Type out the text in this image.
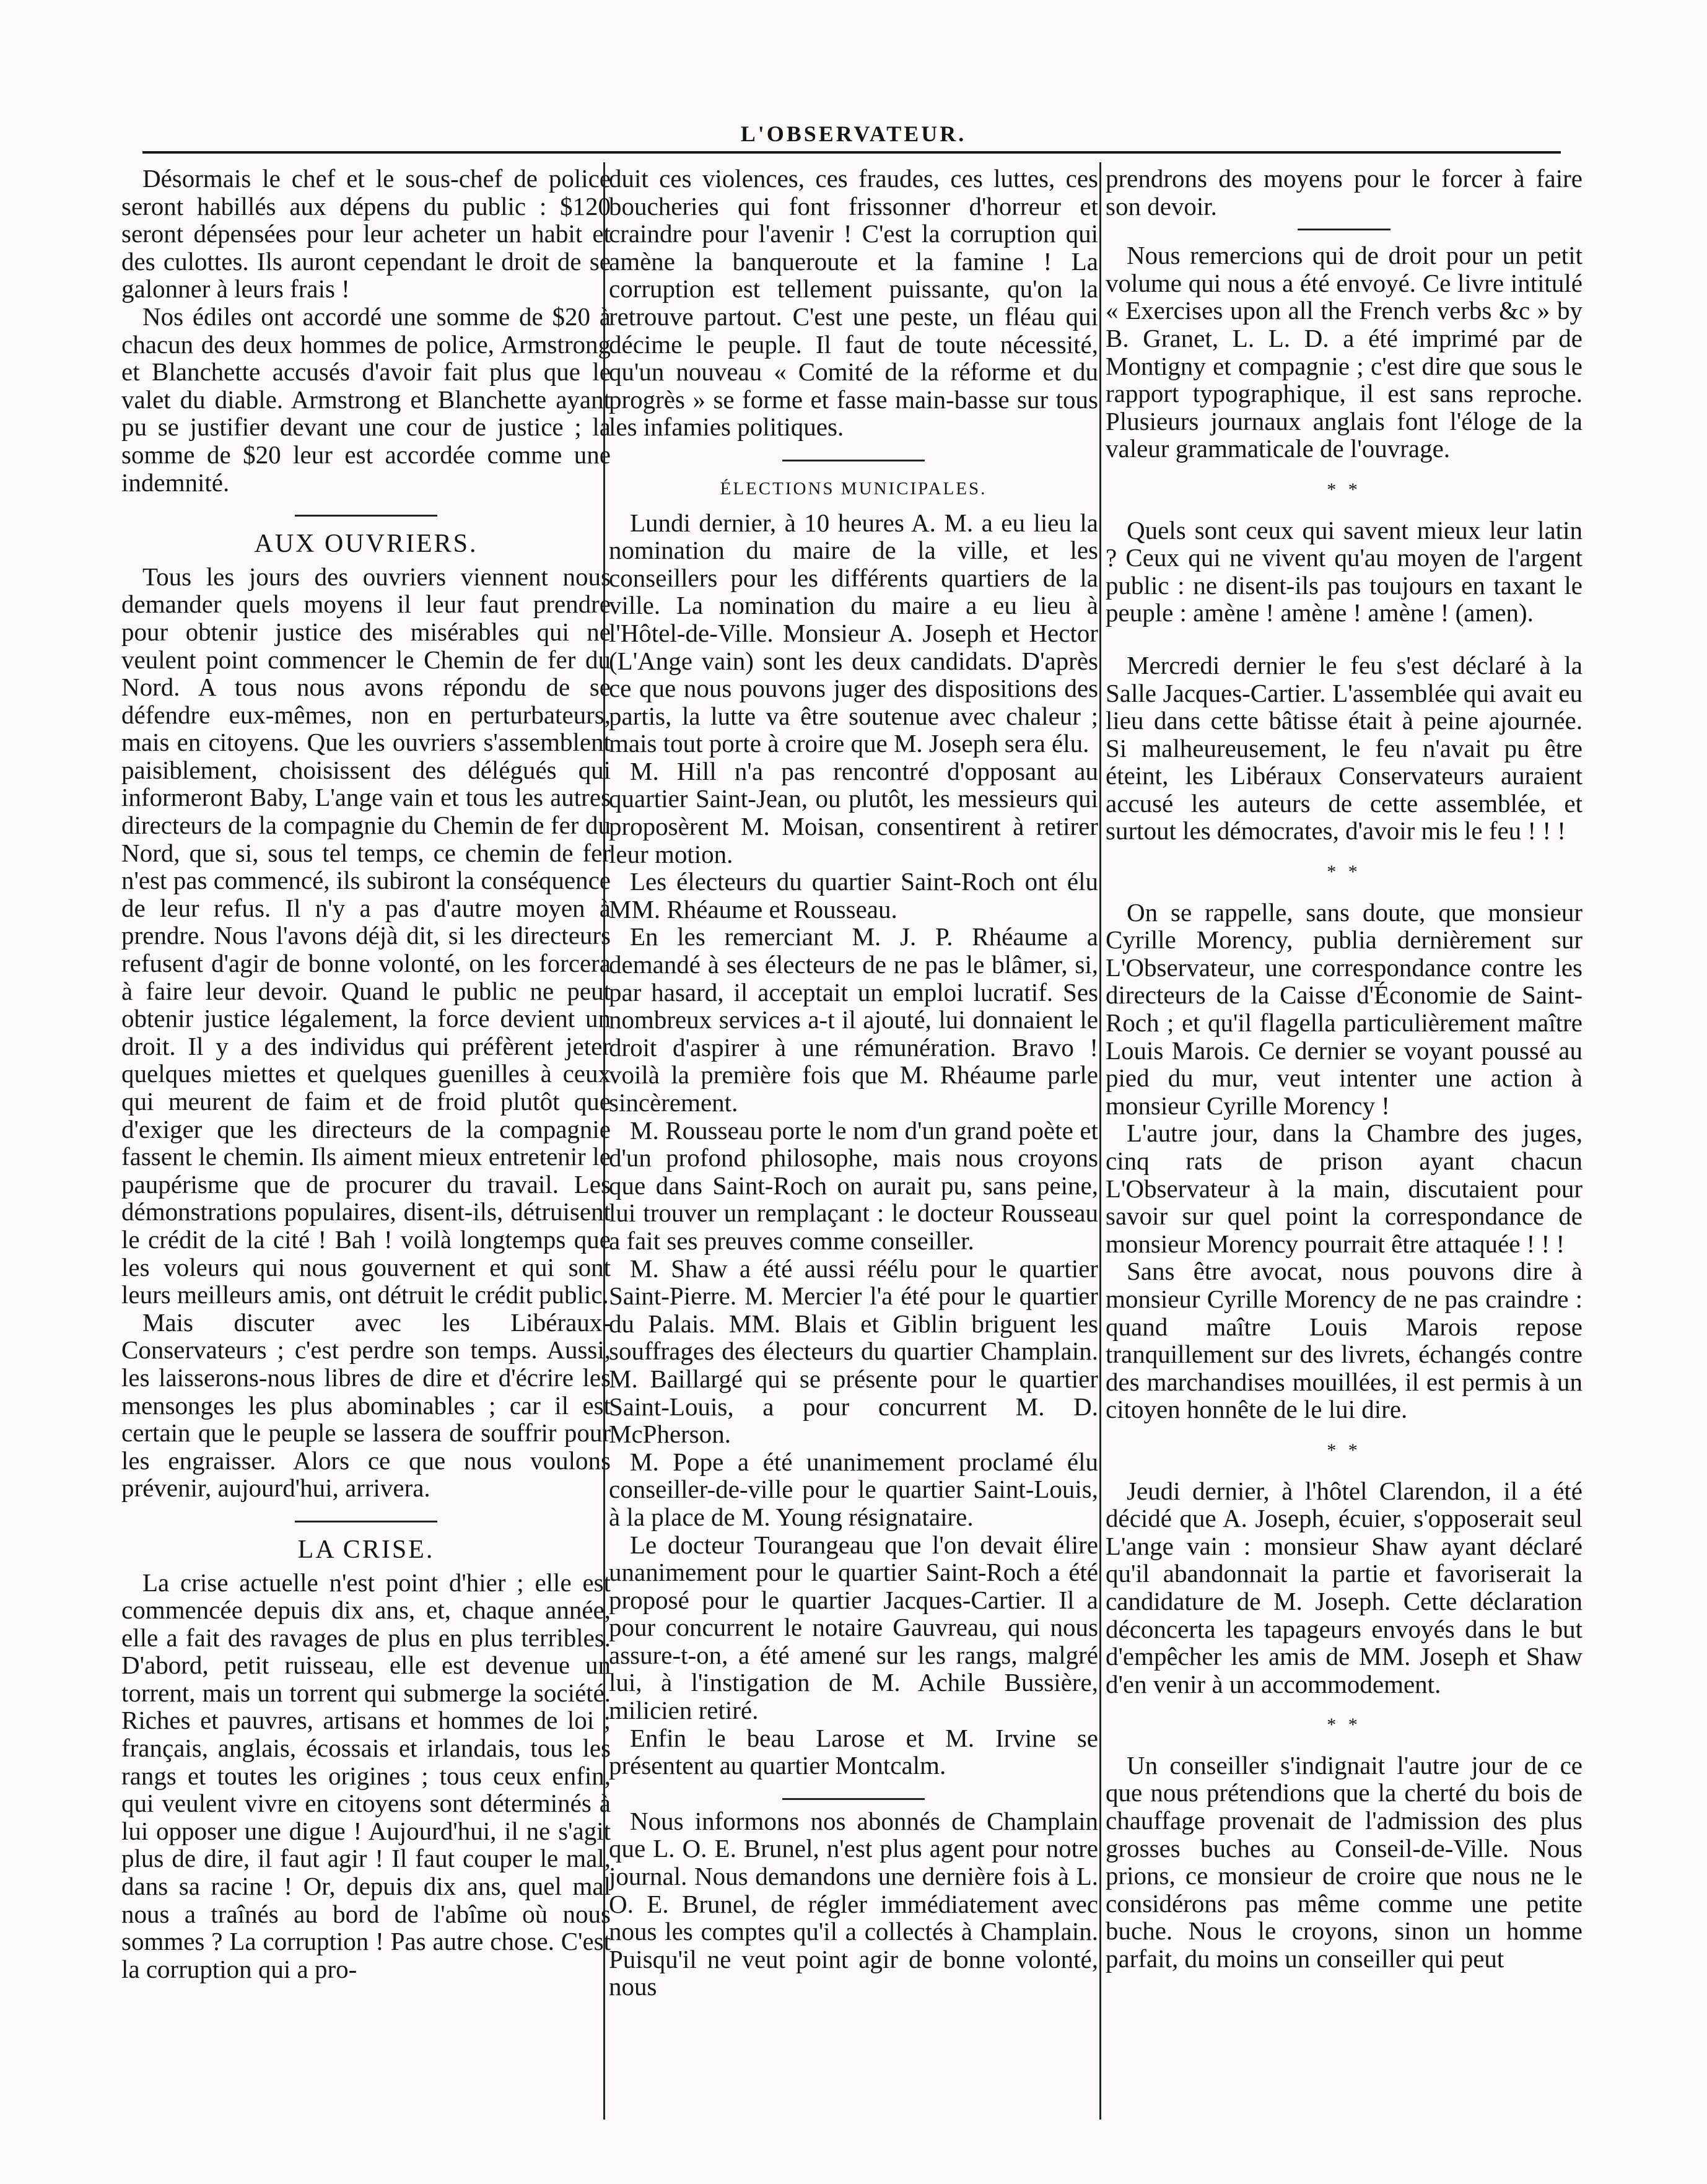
L'OBSERVATEUR.

Désormais le chef et le sous-chef de police seront habillés aux dépens du public : $120 seront dépensées pour leur acheter un habit et des culottes. Ils auront cependant le droit de se galonner à leurs frais !

Nos édiles ont accordé une somme de $20 à chacun des deux hommes de police, Armstrong et Blanchette accusés d'avoir fait plus que le valet du diable. Armstrong et Blanchette ayant pu se justifier devant une cour de justice ; la somme de $20 leur est accordée comme une indemnité.

AUX OUVRIERS.

Tous les jours des ouvriers viennent nous demander quels moyens il leur faut prendre pour obtenir justice des misérables qui ne veulent point commencer le Chemin de fer du Nord. A tous nous avons répondu de se défendre eux-mêmes, non en perturbateurs, mais en citoyens. Que les ouvriers s'assemblent paisiblement, choisissent des délégués qui informeront Baby, L'ange vain et tous les autres directeurs de la compagnie du Chemin de fer du Nord, que si, sous tel temps, ce chemin de fer n'est pas commencé, ils subiront la conséquence de leur refus. Il n'y a pas d'autre moyen à prendre. Nous l'avons déjà dit, si les directeurs refusent d'agir de bonne volonté, on les forcera à faire leur devoir. Quand le public ne peut obtenir justice légalement, la force devient un droit. Il y a des individus qui préfèrent jeter quelques miettes et quelques guenilles à ceux qui meurent de faim et de froid plutôt que d'exiger que les directeurs de la compagnie fassent le chemin. Ils aiment mieux entretenir le paupérisme que de procurer du travail. Les démonstrations populaires, disent-ils, détruisent le crédit de la cité ! Bah ! voilà longtemps que les voleurs qui nous gouvernent et qui sont leurs meilleurs amis, ont détruit le crédit public.

Mais discuter avec les Libéraux-Conservateurs ; c'est perdre son temps. Aussi, les laisserons-nous libres de dire et d'écrire les mensonges les plus abominables ; car il est certain que le peuple se lassera de souffrir pour les engraisser. Alors ce que nous voulons prévenir, aujourd'hui, arrivera.

LA CRISE.

La crise actuelle n'est point d'hier ; elle est commencée depuis dix ans, et, chaque année, elle a fait des ravages de plus en plus terribles. D'abord, petit ruisseau, elle est devenue un torrent, mais un torrent qui submerge la société. Riches et pauvres, artisans et hommes de loi ; français, anglais, écossais et irlandais, tous les rangs et toutes les origines ; tous ceux enfin, qui veulent vivre en citoyens sont déterminés à lui opposer une digue ! Aujourd'hui, il ne s'agit plus de dire, il faut agir ! Il faut couper le mal, dans sa racine ! Or, depuis dix ans, quel mal nous a traînés au bord de l'abîme où nous sommes ? La corruption ! Pas autre chose. C'est la corruption qui a pro-

duit ces violences, ces fraudes, ces luttes, ces boucheries qui font frissonner d'horreur et craindre pour l'avenir ! C'est la corruption qui amène la banqueroute et la famine ! La corruption est tellement puissante, qu'on la retrouve partout. C'est une peste, un fléau qui décime le peuple. Il faut de toute nécessité, qu'un nouveau « Comité de la réforme et du progrès » se forme et fasse main-basse sur tous les infamies politiques.

ÉLECTIONS MUNICIPALES.

Lundi dernier, à 10 heures A. M. a eu lieu la nomination du maire de la ville, et les conseillers pour les différents quartiers de la ville. La nomination du maire a eu lieu à l'Hôtel-de-Ville. Monsieur A. Joseph et Hector (L'Ange vain) sont les deux candidats. D'après ce que nous pouvons juger des dispositions des partis, la lutte va être soutenue avec chaleur ; mais tout porte à croire que M. Joseph sera élu.

M. Hill n'a pas rencontré d'opposant au quartier Saint-Jean, ou plutôt, les messieurs qui proposèrent M. Moisan, consentirent à retirer leur motion.

Les électeurs du quartier Saint-Roch ont élu MM. Rhéaume et Rousseau.

En les remerciant M. J. P. Rhéaume a demandé à ses électeurs de ne pas le blâmer, si, par hasard, il acceptait un emploi lucratif. Ses nombreux services a-t il ajouté, lui donnaient le droit d'aspirer à une rémunération. Bravo ! voilà la première fois que M. Rhéaume parle sincèrement.

M. Rousseau porte le nom d'un grand poète et d'un profond philosophe, mais nous croyons que dans Saint-Roch on aurait pu, sans peine, lui trouver un remplaçant : le docteur Rousseau a fait ses preuves comme conseiller.

M. Shaw a été aussi réélu pour le quartier Saint-Pierre. M. Mercier l'a été pour le quartier du Palais. MM. Blais et Giblin briguent les souffrages des électeurs du quartier Champlain. M. Baillargé qui se présente pour le quartier Saint-Louis, a pour concurrent M. D. McPherson.

M. Pope a été unanimement proclamé élu conseiller-de-ville pour le quartier Saint-Louis, à la place de M. Young résignataire.

Le docteur Tourangeau que l'on devait élire unanimement pour le quartier Saint-Roch a été proposé pour le quartier Jacques-Cartier. Il a pour concurrent le notaire Gauvreau, qui nous assure-t-on, a été amené sur les rangs, malgré lui, à l'instigation de M. Achile Bussière, milicien retiré.

Enfin le beau Larose et M. Irvine se présentent au quartier Montcalm.

Nous informons nos abonnés de Champlain que L. O. E. Brunel, n'est plus agent pour notre journal. Nous demandons une dernière fois à L. O. E. Brunel, de régler immédiatement avec nous les comptes qu'il a collectés à Champlain. Puisqu'il ne veut point agir de bonne volonté, nous

prendrons des moyens pour le forcer à faire son devoir.

Nous remercions qui de droit pour un petit volume qui nous a été envoyé. Ce livre intitulé « Exercises upon all the French verbs &c » by B. Granet, L. L. D. a été imprimé par de Montigny et compagnie ; c'est dire que sous le rapport typographique, il est sans reproche. Plusieurs journaux anglais font l'éloge de la valeur grammaticale de l'ouvrage.

* *

Quels sont ceux qui savent mieux leur latin ? Ceux qui ne vivent qu'au moyen de l'argent public : ne disent-ils pas toujours en taxant le peuple : amène ! amène ! amène ! (amen).

Mercredi dernier le feu s'est déclaré à la Salle Jacques-Cartier. L'assemblée qui avait eu lieu dans cette bâtisse était à peine ajournée. Si malheureusement, le feu n'avait pu être éteint, les Libéraux Conservateurs auraient accusé les auteurs de cette assemblée, et surtout les démocrates, d'avoir mis le feu ! ! !

* *

On se rappelle, sans doute, que monsieur Cyrille Morency, publia dernièrement sur L'Observateur, une correspondance contre les directeurs de la Caisse d'Économie de Saint-Roch ; et qu'il flagella particulièrement maître Louis Marois. Ce dernier se voyant poussé au pied du mur, veut intenter une action à monsieur Cyrille Morency !

L'autre jour, dans la Chambre des juges, cinq rats de prison ayant chacun L'Observateur à la main, discutaient pour savoir sur quel point la correspondance de monsieur Morency pourrait être attaquée ! ! !

Sans être avocat, nous pouvons dire à monsieur Cyrille Morency de ne pas craindre : quand maître Louis Marois repose tranquillement sur des livrets, échangés contre des marchandises mouillées, il est permis à un citoyen honnête de le lui dire.

* *

Jeudi dernier, à l'hôtel Clarendon, il a été décidé que A. Joseph, écuier, s'opposerait seul L'ange vain : monsieur Shaw ayant déclaré qu'il abandonnait la partie et favoriserait la candidature de M. Joseph. Cette déclaration déconcerta les tapageurs envoyés dans le but d'empêcher les amis de MM. Joseph et Shaw d'en venir à un accommodement.

* *

Un conseiller s'indignait l'autre jour de ce que nous prétendions que la cherté du bois de chauffage provenait de l'admission des plus grosses buches au Conseil-de-Ville. Nous prions, ce monsieur de croire que nous ne le considérons pas même comme une petite buche. Nous le croyons, sinon un homme parfait, du moins un conseiller qui peut
